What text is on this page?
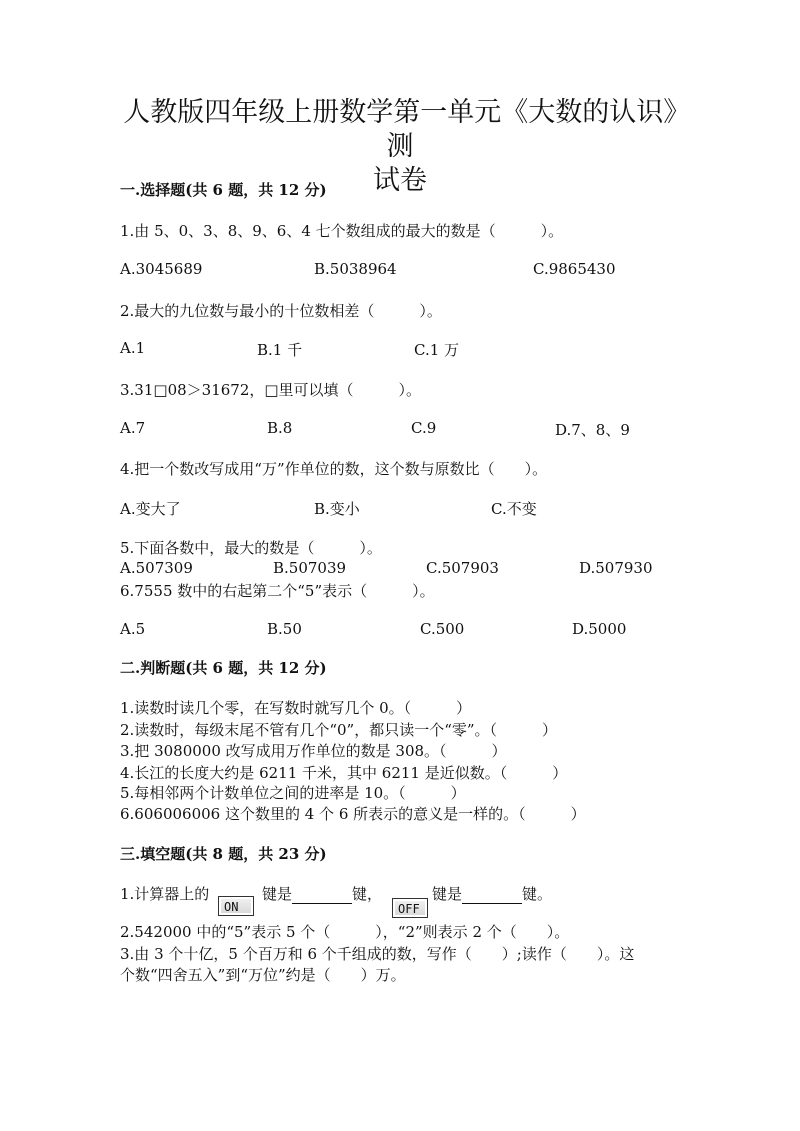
人教版四年级上册数学第一单元《大数的认识》测
试卷
一.选择题(共 6 题，共 12 分)
1.由 5、0、3、8、9、6、4 七个数组成的最大的数是（　　　）。
A.3045689	B.5038964	C.9865430
2.最大的九位数与最小的十位数相差（　　　）。
A.1	B.1 千	C.1 万
3.31□08＞31672，□里可以填（　　　）。
A.7	B.8	C.9	D.7、8、9
4.把一个数改写成用“万”作单位的数，这个数与原数比（　　）。
A.变大了	B.变小	C.不变
5.下面各数中，最大的数是（　　　）。
A.507309	B.507039	C.507903	D.507930
6.7555 数中的右起第二个“5”表示（　　　）。
A.5	B.50	C.500	D.5000
二.判断题(共 6 题，共 12 分)
1.读数时读几个零，在写数时就写几个 0。（　　　）
2.读数时，每级末尾不管有几个“0”，都只读一个“零”。（　　　）
3.把 3080000 改写成用万作单位的数是 308。（　　　）
4.长江的长度大约是 6211 千米，其中 6211 是近似数。（　　　）
5.每相邻两个计数单位之间的进率是 10。（　　　）
6.606006006 这个数里的 4 个 6 所表示的意义是一样的。（　　　）
三.填空题(共 8 题，共 23 分)
1.计算器上的
ON
键是	键，
OFF
键是	键。
2.542000 中的“5”表示 5 个（　　　），“2”则表示 2 个（　　）。
3.由 3 个十亿，5 个百万和 6 个千组成的数，写作（　　）;读作（　　）。这
个数“四舍五入”到“万位”约是（　　）万。
